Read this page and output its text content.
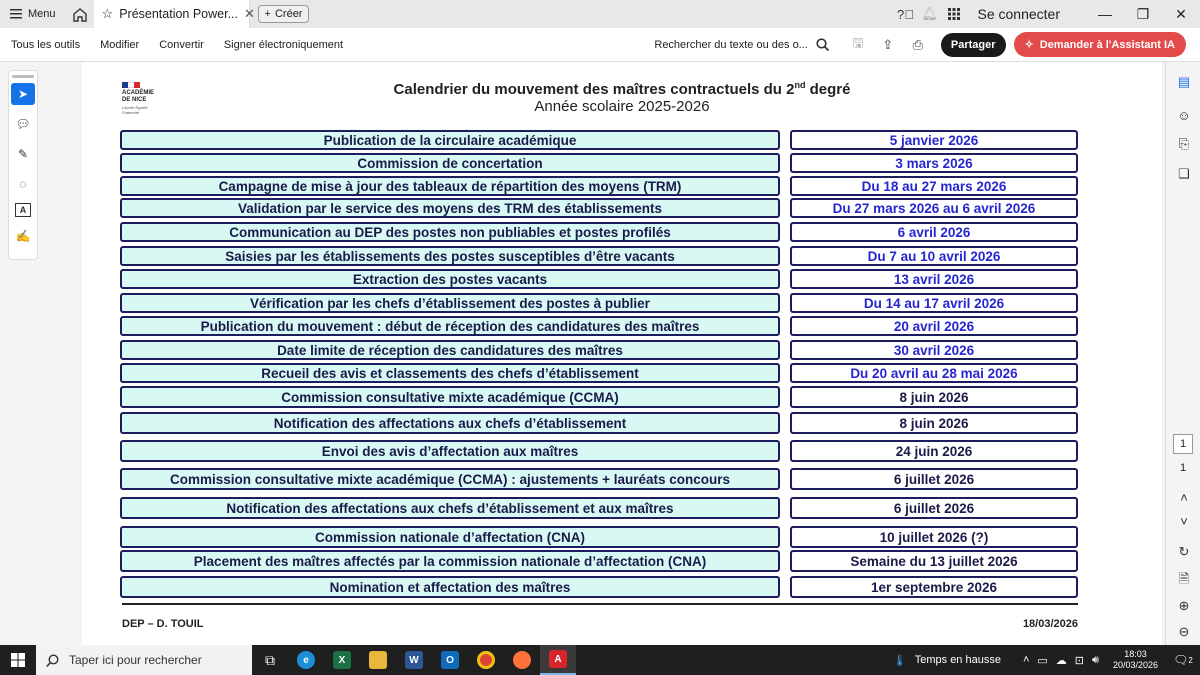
Menu	☆ Présentation Power... ✕ + Créer	?⃝ 🔔︎	Se connecter	—	❐	✕
Tous les outils	Modifier	Convertir	Signer électroniquement	Rechercher du texte ou des o...	🖫	⇪	⎙	Partager	✧ Demander à l'Assistant IA
➤
💬︎
✎
◌
A
✍
ACADÉMIE
DE NICE
Liberté Égalité Fraternité
Calendrier du mouvement des maîtres contractuels du 2nd degré
Année scolaire 2025-2026
Publication de la circulaire académique	5 janvier 2026
Commission de concertation	3 mars 2026
Campagne de mise à jour des tableaux de répartition des moyens (TRM)	Du 18 au 27 mars 2026
Validation par le service des moyens des TRM des établissements	Du 27 mars 2026 au 6 avril 2026
Communication au DEP des postes non publiables et postes profilés	6 avril 2026
Saisies par les établissements des postes susceptibles d’être vacants	Du 7 au 10 avril 2026
Extraction des postes vacants	13 avril 2026
Vérification par les chefs d’établissement des postes à publier	Du 14 au 17 avril 2026
Publication du mouvement : début de réception des candidatures des maîtres	20 avril 2026
Date limite de réception des candidatures des maîtres	30 avril 2026
Recueil des avis et classements des chefs d’établissement	Du 20 avril au 28 mai 2026
Commission consultative mixte académique (CCMA)	8 juin 2026
Notification des affectations aux chefs d’établissement	8 juin 2026
Envoi des avis d’affectation aux maîtres	24 juin 2026
Commission consultative mixte académique (CCMA) : ajustements + lauréats concours	6 juillet 2026
Notification des affectations aux chefs d’établissement et aux maîtres	6 juillet 2026
Commission nationale d’affectation (CNA)	10 juillet 2026 (?)
Placement des maîtres affectés par la commission nationale d’affectation (CNA)	Semaine du 13 juillet 2026
Nomination et affectation des maîtres	1er septembre 2026
DEP – D. TOUIL	18/03/2026
▤
☺
⎘
❏
1
1
˄
˅
↻
🗎
⊕
⊖
Taper ici pour rechercher	⧉	e	X	W	O	A	🌡︎ Temps en hausse ˄ ▭ ☁ ⊡ 🔊︎	18:03
20/03/2026 🗨︎ 2
